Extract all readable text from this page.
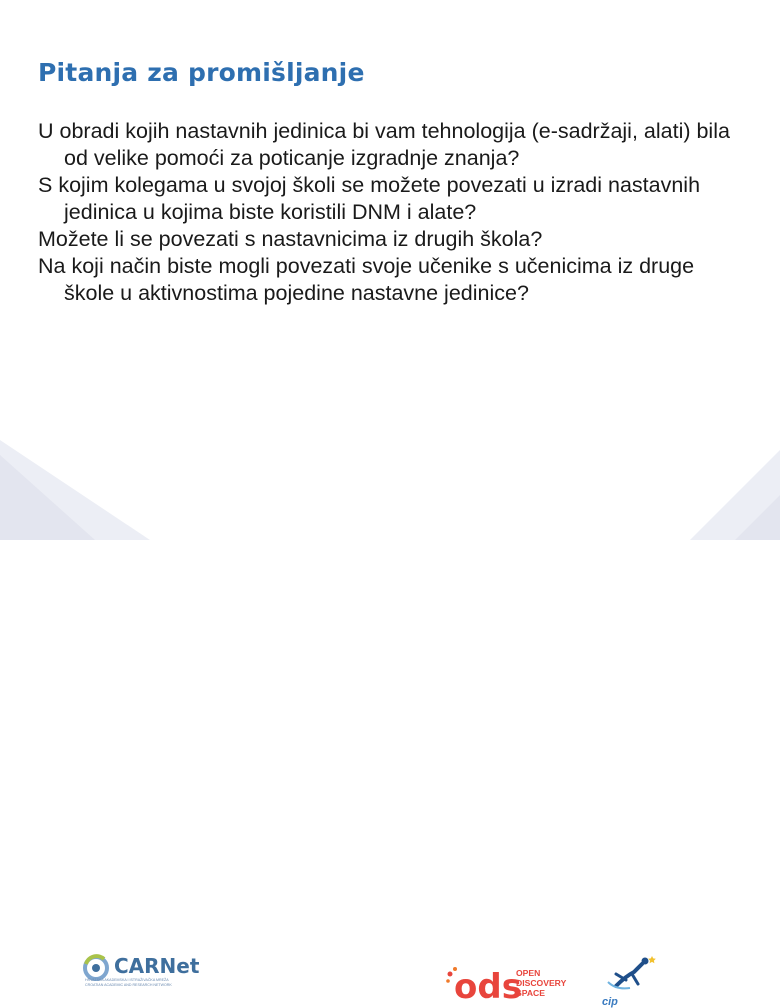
Pitanja za promišljanje

U obradi kojih nastavnih jedinica bi vam tehnologija (e-sadržaji, alati) bila od velike pomoći za poticanje izgradnje znanja?

S kojim kolegama u svojoj školi se možete povezati u izradi nastavnih jedinica u kojima biste koristili DNM i alate?

Možete li se povezati s nastavnicima iz drugih škola?

Na koji način biste mogli povezati svoje učenike s učenicima iz druge škole u aktivnostima pojedine nastavne jedinice?

CARNet
HRVATSKA AKADEMSKA I ISTRAŽIVAČKA MREŽA
CROATIAN ACADEMIC AND RESEARCH NETWORK	ods
OPEN
DISCOVERY
SPACE
cip
